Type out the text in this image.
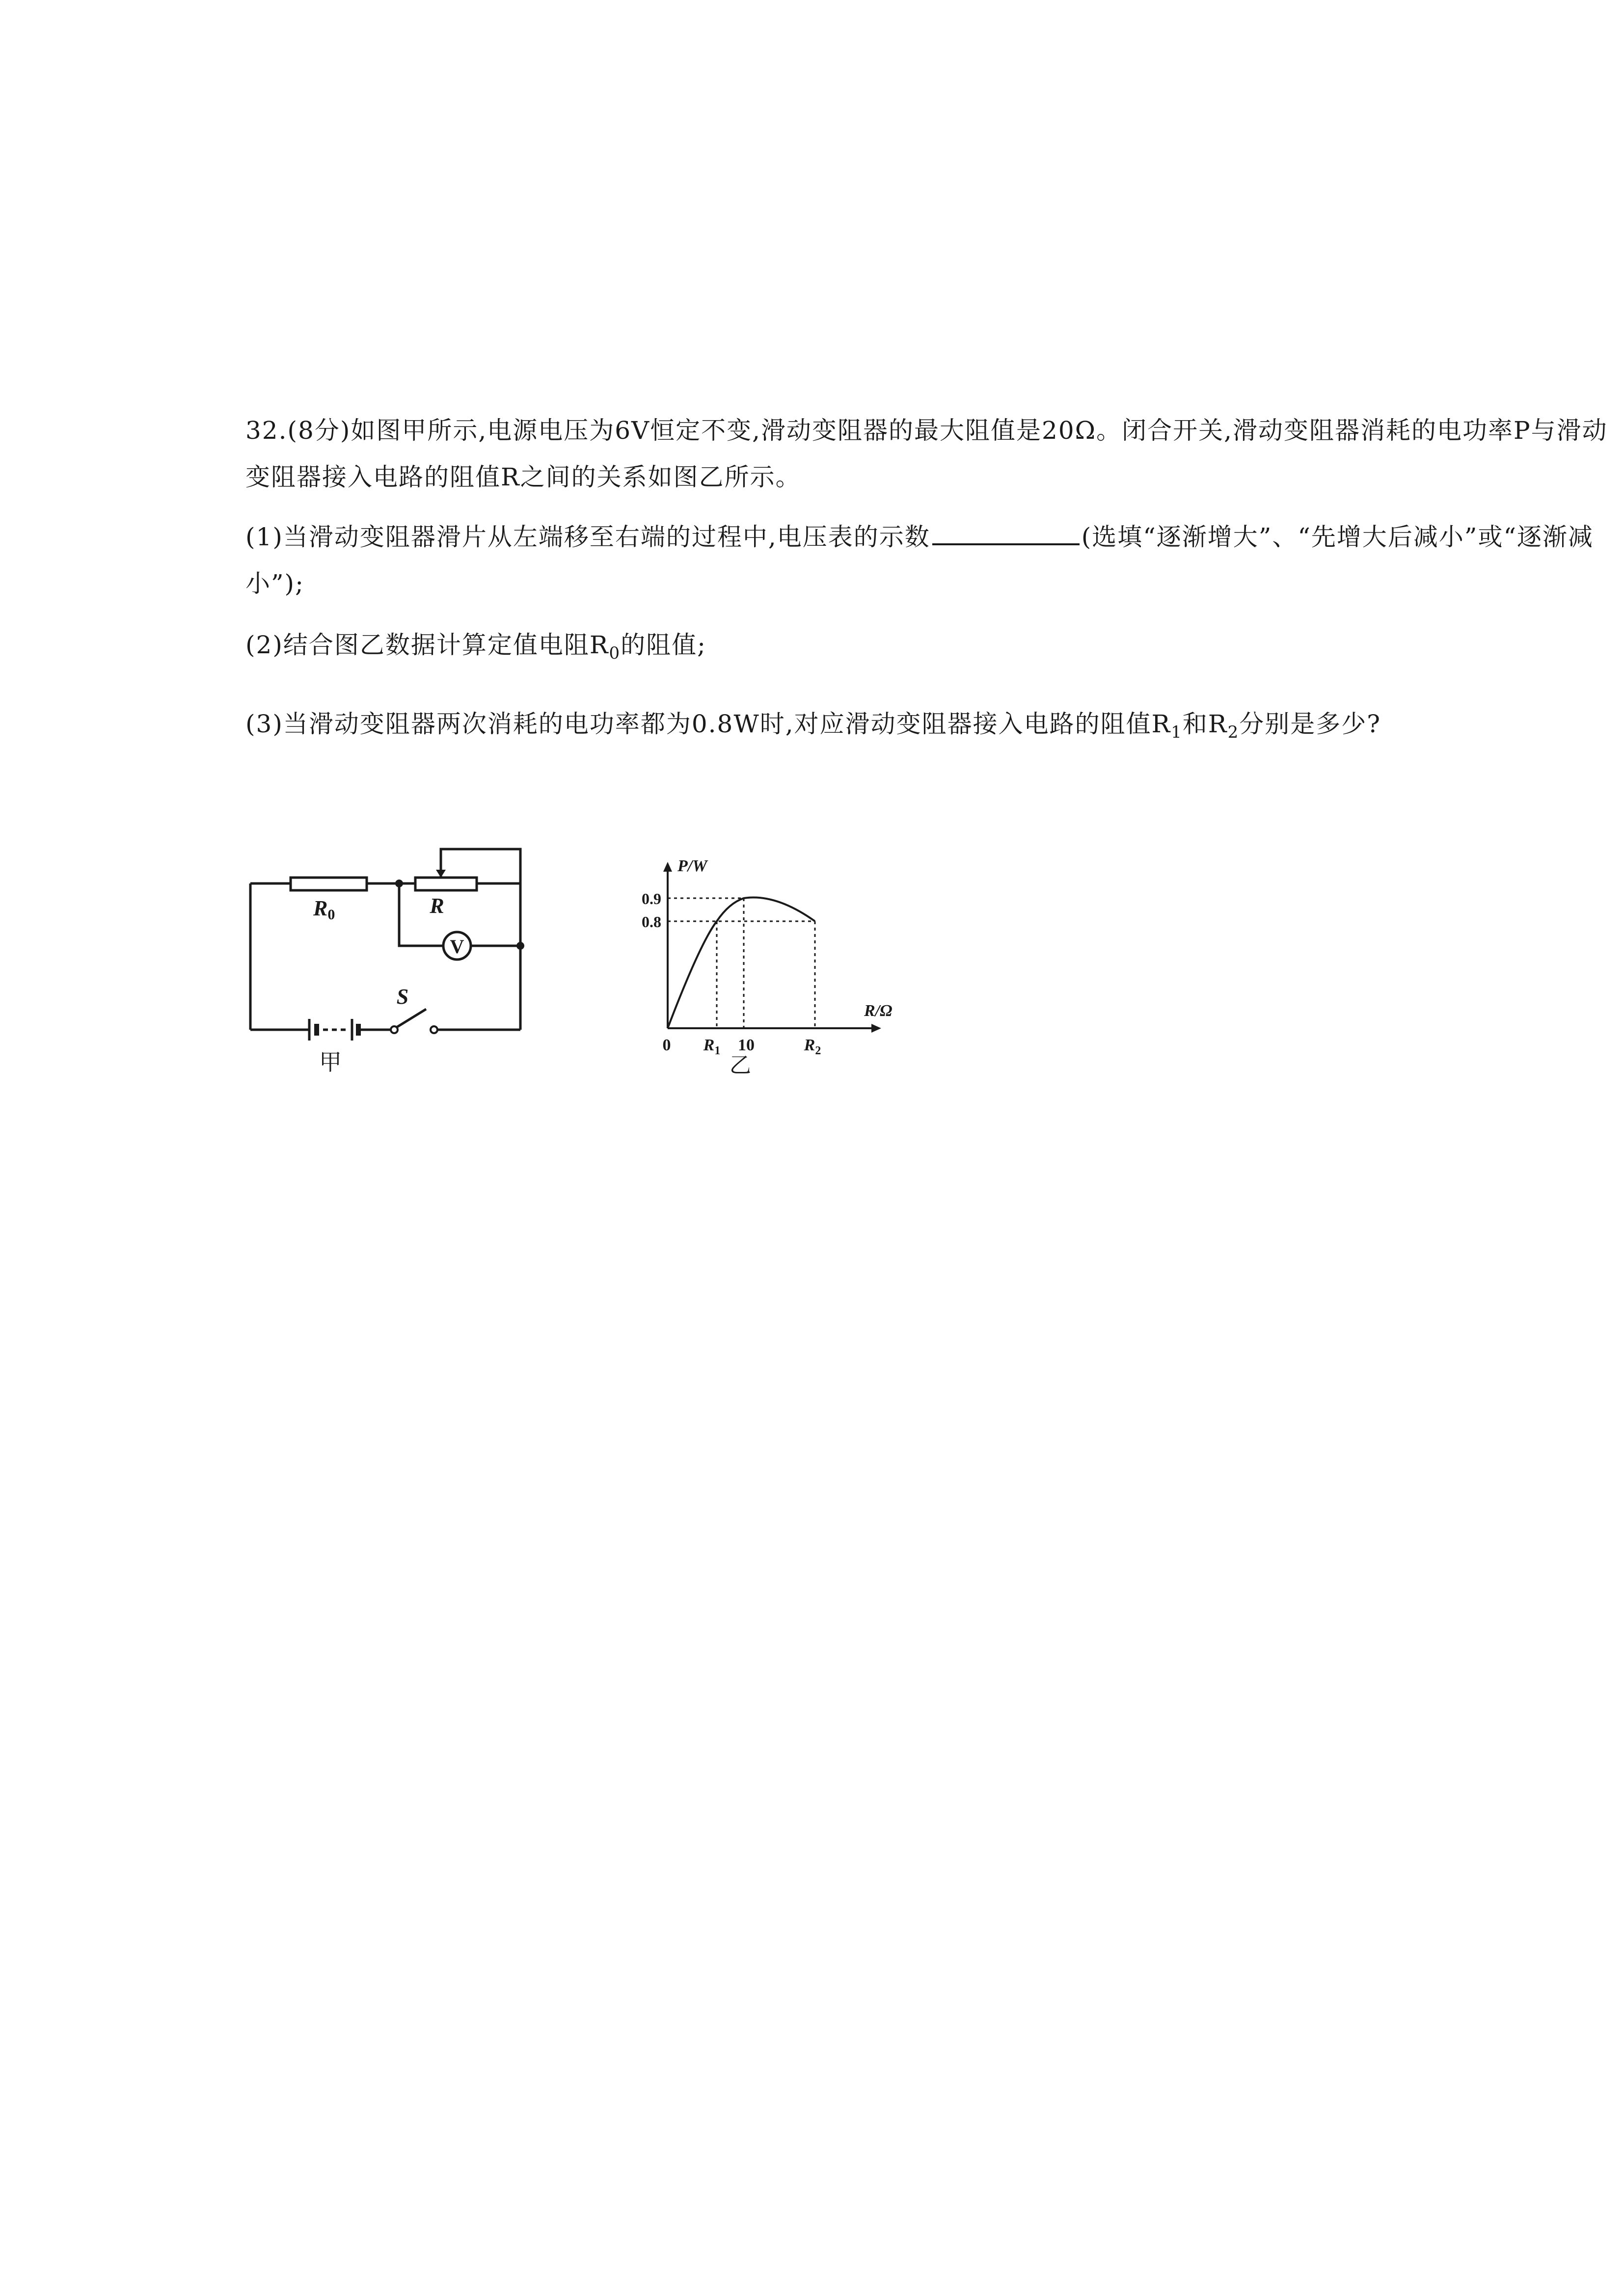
32.(8分)如图甲所示,电源电压为6V恒定不变,滑动变阻器的最大阻值是20Ω。闭合开关,滑动变阻器消耗的电功率P与滑动变阻器接入电路的阻值R之间的关系如图乙所示。
(1)当滑动变阻器滑片从左端移至右端的过程中,电压表的示数	(选填“逐渐增大”、“先增大后减小”或“逐渐减小”);
(2)结合图乙数据计算定值电阻$R_0$的阻值;
(3)当滑动变阻器两次消耗的电功率都为0.8W时,对应滑动变阻器接入电路的阻值$R_1$和$R_2$分别是多少?
R0	R
V
S
甲
P/W
0.9
0.8
0 $R_1$ 10	$R_2$
R/Ω
乙
